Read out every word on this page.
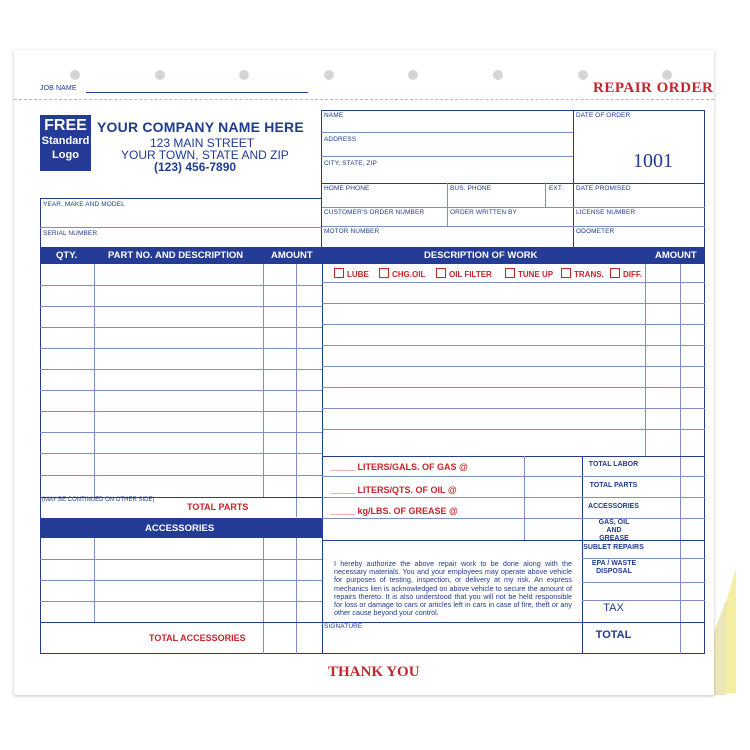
JOB NAME	REPAIR ORDER
FREE
Standard
Logo
YOUR COMPANY NAME HERE
123 MAIN STREET
YOUR TOWN, STATE AND ZIP
(123) 456-7890
NAME
ADDRESS
CITY, STATE, ZIP
DATE OF ORDER
1001
HOME PHONE	BUS. PHONE	EXT.	DATE PROMISED
CUSTOMER'S ORDER NUMBER	ORDER WRITTEN BY	LICENSE NUMBER
MOTOR NUMBER	ODOMETER
YEAR, MAKE AND MODEL
SERIAL NUMBER
QTY.	PART NO. AND DESCRIPTION	AMOUNT	DESCRIPTION OF WORK	AMOUNT
(MAY BE CONTINUED ON OTHER SIDE)
TOTAL PARTS
ACCESSORIES
TOTAL ACCESSORIES
LUBE	CHG.OIL	OIL FILTER	TUNE UP	TRANS.	DIFF.
_____ LITERS/GALS. OF GAS @
_____ LITERS/QTS. OF OIL @
_____ kg/LBS. OF GREASE @
I hereby authorize the above repair work to be done along with the necessary materials. You and your employees may operate above vehicle for purposes of testing, inspection, or delivery at my risk. An express mechanics lien is acknowledged on above vehicle to secure the amount of repairs thereto. It is also understood that you will not be held responsible for loss or damage to cars or articles left in cars in case of fire, theft or any other cause beyond your control.
SIGNATURE
TOTAL LABOR
TOTAL PARTS
ACCESSORIES
GAS, OIL AND GREASE
SUBLET REPAIRS
EPA / WASTE DISPOSAL
TAX
TOTAL
THANK YOU
